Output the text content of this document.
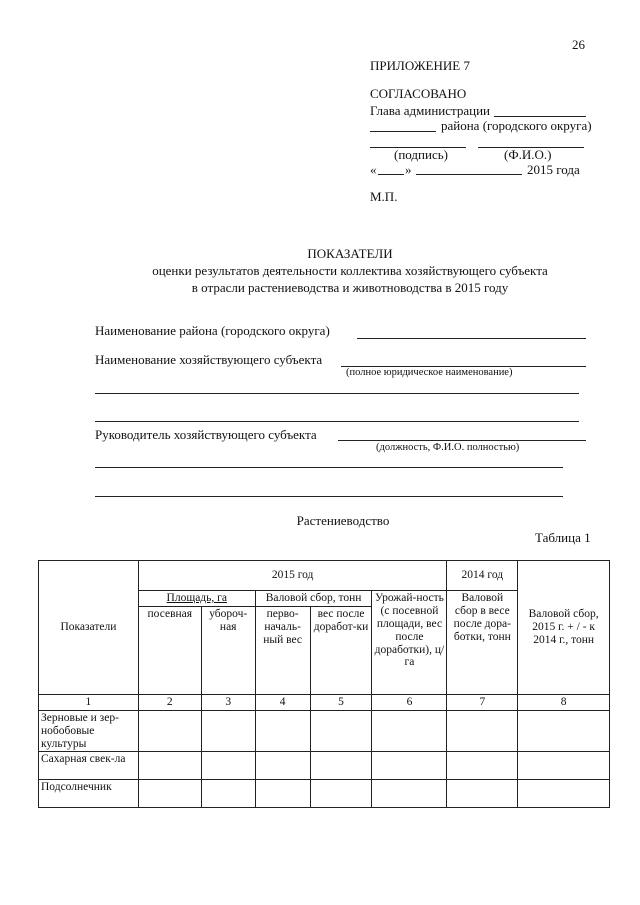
26
ПРИЛОЖЕНИЕ 7
СОГЛАСОВАНО
Глава администрации
района (городского округа)
(подпись)	(Ф.И.О.)
« »	2015 года
М.П.
ПОКАЗАТЕЛИ
оценки результатов деятельности коллектива хозяйствующего субъекта
в отрасли растениеводства и животноводства в 2015 году
Наименование района (городского округа)
Наименование хозяйствующего субъекта
(полное юридическое наименование)
Руководитель хозяйствующего субъекта
(должность, Ф.И.О. полностью)
Растениеводство
Таблица 1
Показатели	2015 год					2014 год	Валовой сбор, 2015 г. + / - к 2014 г., тонн
	Площадь, га		Валовой сбор, тонн		Урожай-ность (с посевной площади, вес после доработки), ц/га	Валовой сбор в весе после дора-ботки, тонн	
	посевная	убороч-ная	перво-началь-ный вес	вес после доработ-ки			
1	2	3	4	5	6	7	8
Зерновые и зер-нобобовые культуры							
Сахарная свек-ла							
Подсолнечник							
